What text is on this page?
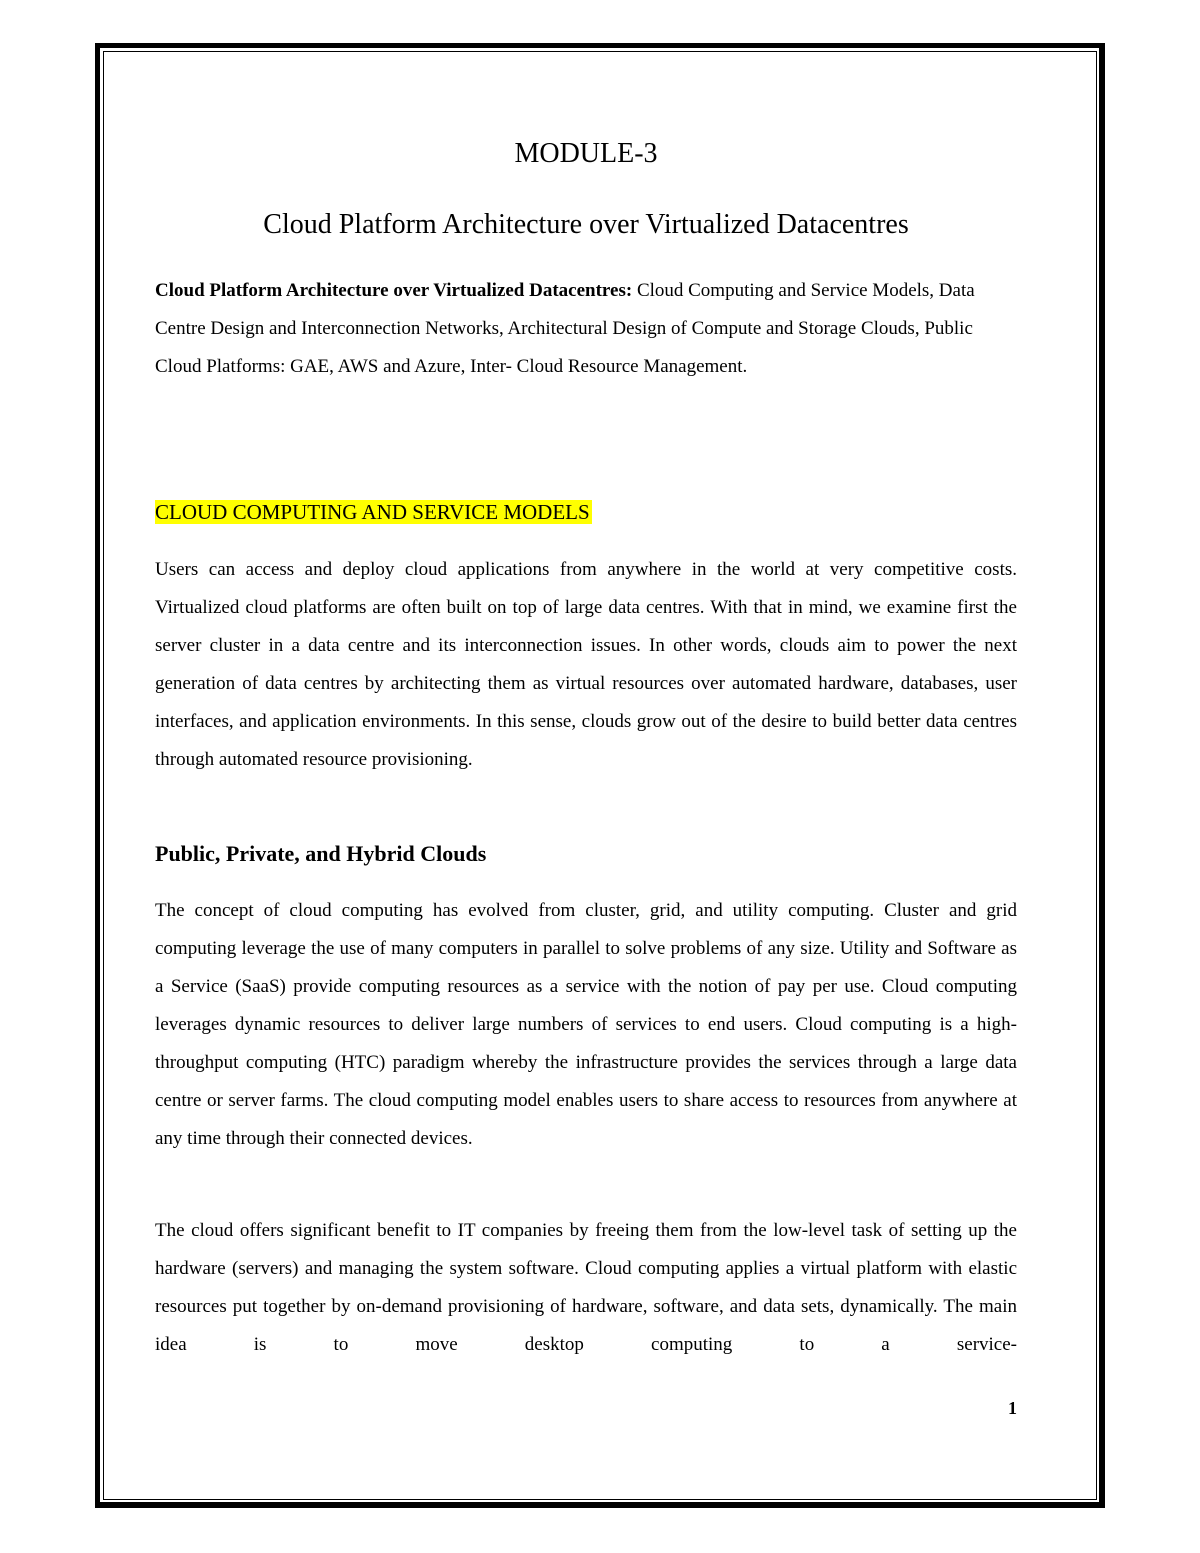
MODULE-3
Cloud Platform Architecture over Virtualized Datacentres

Cloud Platform Architecture over Virtualized Datacentres: Cloud Computing and Service Models, Data Centre Design and Interconnection Networks, Architectural Design of Compute and Storage Clouds, Public Cloud Platforms: GAE, AWS and Azure, Inter- Cloud Resource Management.

CLOUD COMPUTING AND SERVICE MODELS

Users can access and deploy cloud applications from anywhere in the world at very competitive costs. Virtualized cloud platforms are often built on top of large data centres. With that in mind, we examine first the server cluster in a data centre and its interconnection issues. In other words, clouds aim to power the next generation of data centres by architecting them as virtual resources over automated hardware, databases, user interfaces, and application environments. In this sense, clouds grow out of the desire to build better data centres through automated resource provisioning.

Public, Private, and Hybrid Clouds

The concept of cloud computing has evolved from cluster, grid, and utility computing. Cluster and grid computing leverage the use of many computers in parallel to solve problems of any size. Utility and Software as a Service (SaaS) provide computing resources as a service with the notion of pay per use. Cloud computing leverages dynamic resources to deliver large numbers of services to end users. Cloud computing is a high-throughput computing (HTC) paradigm whereby the infrastructure provides the services through a large data centre or server farms. The cloud computing model enables users to share access to resources from anywhere at any time through their connected devices.

The cloud offers significant benefit to IT companies by freeing them from the low-level task of setting up the hardware (servers) and managing the system software. Cloud computing applies a virtual platform with elastic resources put together by on-demand provisioning of hardware, software, and data sets, dynamically. The main idea is to move desktop computing to a service-

1
